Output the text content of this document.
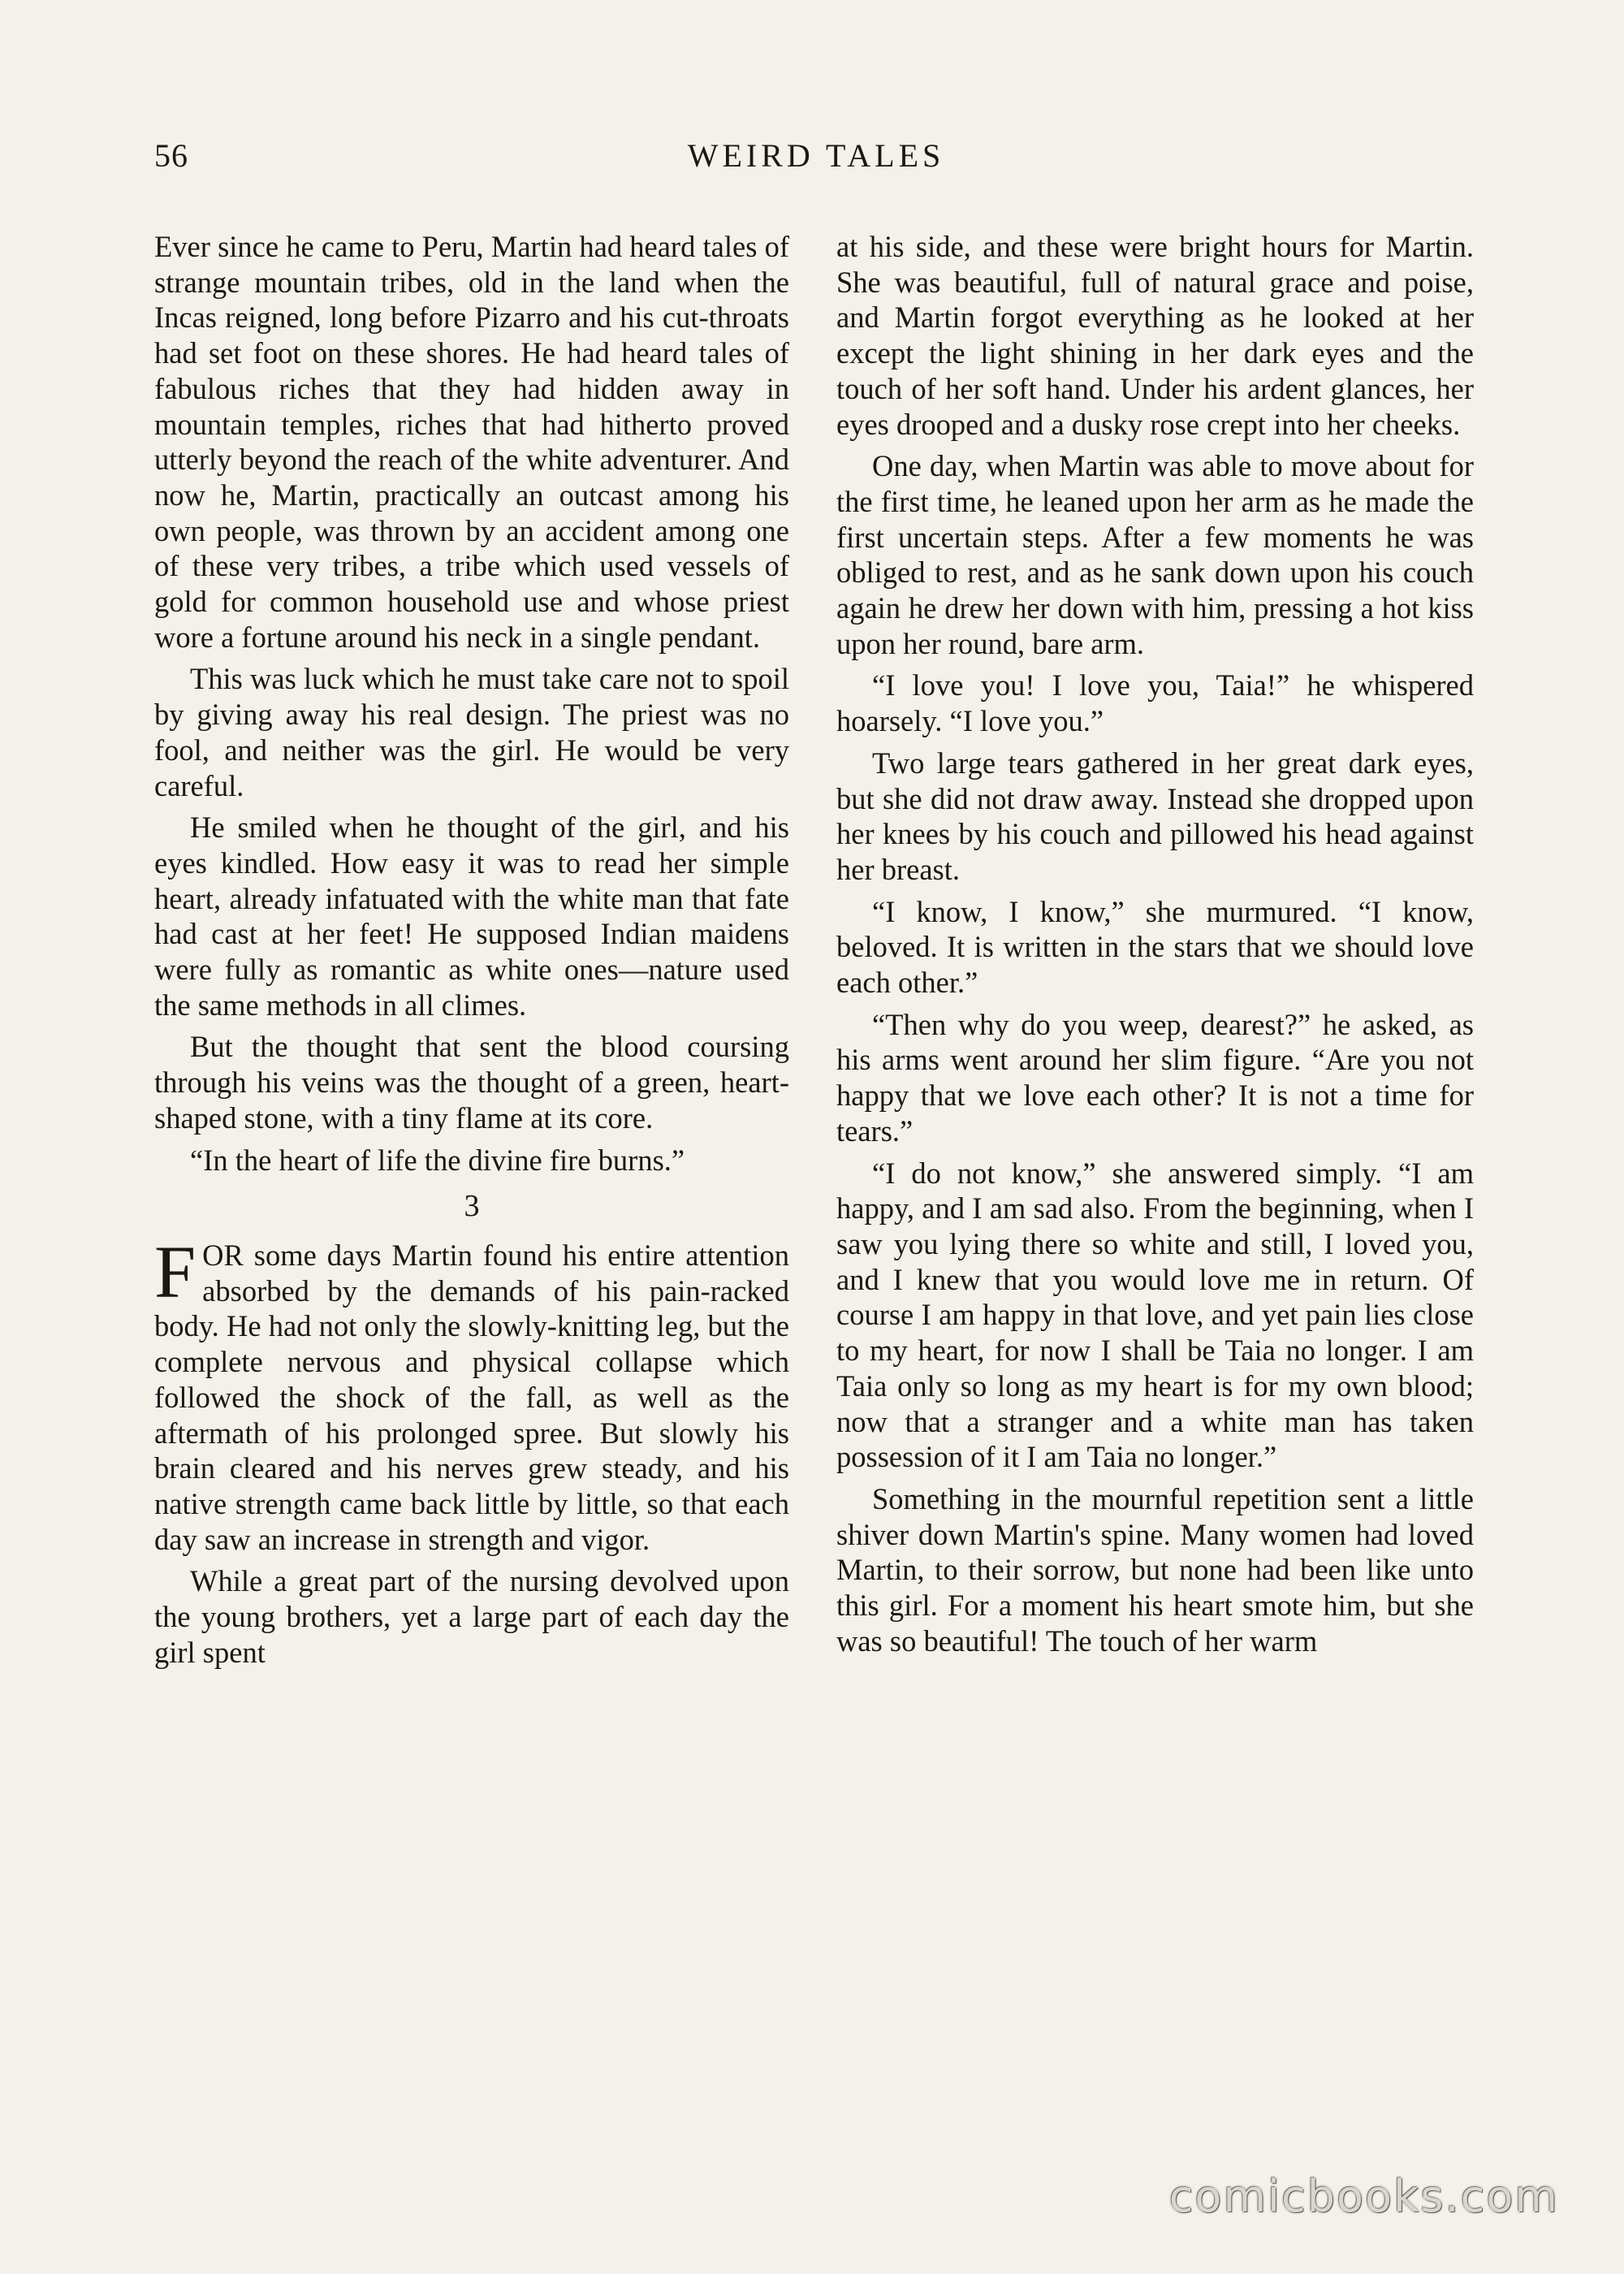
56	WEIRD TALES

Ever since he came to Peru, Martin had heard tales of strange mountain tribes, old in the land when the Incas reigned, long before Pizarro and his cut-throats had set foot on these shores. He had heard tales of fabulous riches that they had hidden away in mountain temples, riches that had hitherto proved utterly beyond the reach of the white adventurer. And now he, Martin, practically an outcast among his own people, was thrown by an accident among one of these very tribes, a tribe which used vessels of gold for common household use and whose priest wore a fortune around his neck in a single pendant.

This was luck which he must take care not to spoil by giving away his real design. The priest was no fool, and neither was the girl. He would be very careful.

He smiled when he thought of the girl, and his eyes kindled. How easy it was to read her simple heart, already infatuated with the white man that fate had cast at her feet! He supposed Indian maidens were fully as romantic as white ones—nature used the same methods in all climes.

But the thought that sent the blood coursing through his veins was the thought of a green, heart-shaped stone, with a tiny flame at its core.

“In the heart of life the divine fire burns.”

3

FOR some days Martin found his entire attention absorbed by the demands of his pain-racked body. He had not only the slowly-knitting leg, but the complete nervous and physical collapse which followed the shock of the fall, as well as the aftermath of his prolonged spree. But slowly his brain cleared and his nerves grew steady, and his native strength came back little by little, so that each day saw an increase in strength and vigor.

While a great part of the nursing devolved upon the young brothers, yet a large part of each day the girl spent

at his side, and these were bright hours for Martin. She was beautiful, full of natural grace and poise, and Martin forgot everything as he looked at her except the light shining in her dark eyes and the touch of her soft hand. Under his ardent glances, her eyes drooped and a dusky rose crept into her cheeks.

One day, when Martin was able to move about for the first time, he leaned upon her arm as he made the first uncertain steps. After a few moments he was obliged to rest, and as he sank down upon his couch again he drew her down with him, pressing a hot kiss upon her round, bare arm.

“I love you! I love you, Taia!” he whispered hoarsely. “I love you.”

Two large tears gathered in her great dark eyes, but she did not draw away. Instead she dropped upon her knees by his couch and pillowed his head against her breast.

“I know, I know,” she murmured. “I know, beloved. It is written in the stars that we should love each other.”

“Then why do you weep, dearest?” he asked, as his arms went around her slim figure. “Are you not happy that we love each other? It is not a time for tears.”

“I do not know,” she answered simply. “I am happy, and I am sad also. From the beginning, when I saw you lying there so white and still, I loved you, and I knew that you would love me in return. Of course I am happy in that love, and yet pain lies close to my heart, for now I shall be Taia no longer. I am Taia only so long as my heart is for my own blood; now that a stranger and a white man has taken possession of it I am Taia no longer.”

Something in the mournful repetition sent a little shiver down Martin's spine. Many women had loved Martin, to their sorrow, but none had been like unto this girl. For a moment his heart smote him, but she was so beautiful! The touch of her warm

comicbooks.com
